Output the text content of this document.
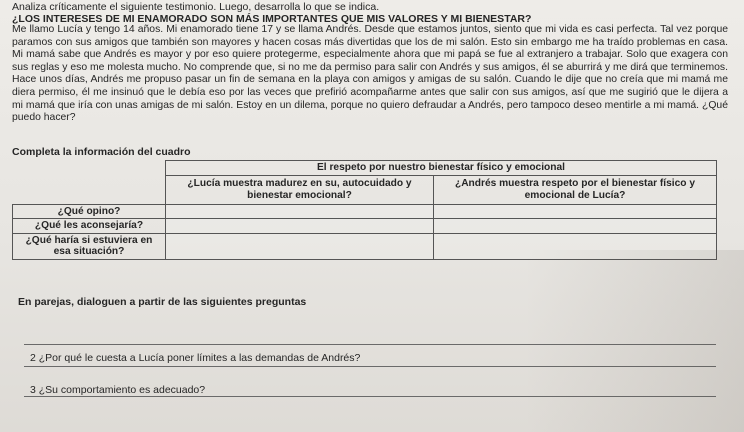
Analiza críticamente el siguiente testimonio. Luego, desarrolla lo que se indica.
¿LOS INTERESES DE MI ENAMORADO SON MÁS IMPORTANTES QUE MIS VALORES Y MI BIENESTAR?

Me llamo Lucía y tengo 14 años. Mi enamorado tiene 17 y se llama Andrés. Desde que estamos juntos, siento que mi vida es casi perfecta. Tal vez porque paramos con sus amigos que también son mayores y hacen cosas más divertidas que los de mi salón. Esto sin embargo me ha traído problemas en casa. Mi mamá sabe que Andrés es mayor y por eso quiere protegerme, especialmente ahora que mi papá se fue al extranjero a trabajar. Solo que exagera con sus reglas y eso me molesta mucho. No comprende que, si no me da permiso para salir con Andrés y sus amigos, él se aburrirá y me dirá que terminemos. Hace unos días, Andrés me propuso pasar un fin de semana en la playa con amigos y amigas de su salón. Cuando le dije que no creía que mi mamá me diera permiso, él me insinuó que le debía eso por las veces que prefirió acompañarme antes que salir con sus amigos, así que me sugirió que le dijera a mi mamá que iría con unas amigas de mi salón. Estoy en un dilema, porque no quiero defraudar a Andrés, pero tampoco deseo mentirle a mi mamá. ¿Qué puedo hacer?

Completa la información del cuadro
	El respeto por nuestro bienestar físico y emocional	
	¿Lucía muestra madurez en su, autocuidado y bienestar emocional?	¿Andrés muestra respeto por el bienestar físico y emocional de Lucía?
¿Qué opino?		
¿Qué les aconsejaría?		
¿Qué haría si estuviera en esa situación?		
En parejas, dialoguen a partir de las siguientes preguntas
2 ¿Por qué le cuesta a Lucía poner límites a las demandas de Andrés?
3 ¿Su comportamiento es adecuado?
